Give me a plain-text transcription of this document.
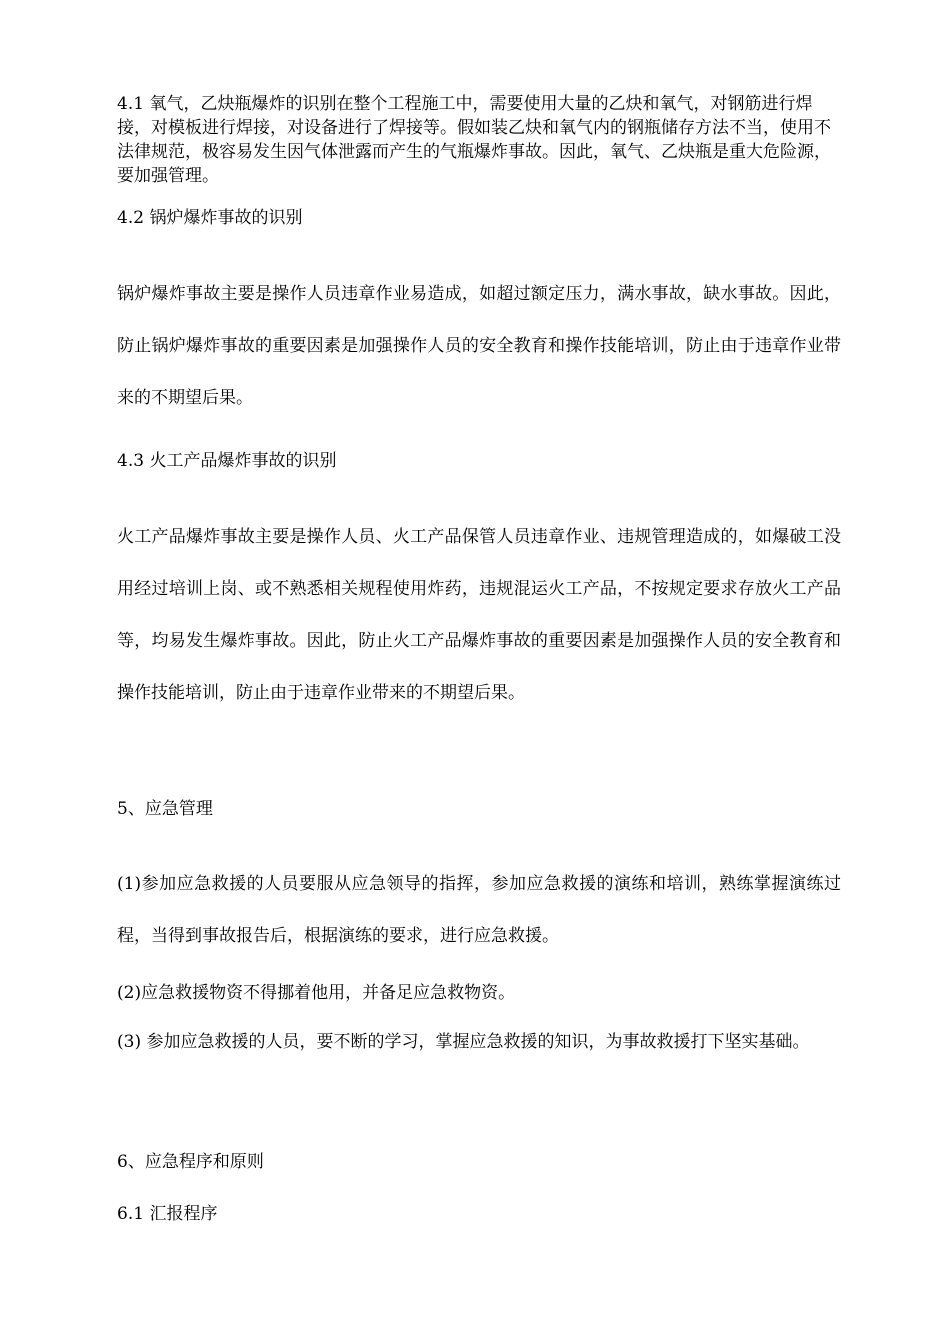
4.1 氧气，乙炔瓶爆炸的识别在整个工程施工中，需要使用大量的乙炔和氧气，对钢筋进行焊接，对模板进行焊接，对设备进行了焊接等。假如装乙炔和氧气内的钢瓶储存方法不当，使用不法律规范，极容易发生因气体泄露而产生的气瓶爆炸事故。因此，氧气、乙炔瓶是重大危险源，要加强管理。

4.2 锅炉爆炸事故的识别

锅炉爆炸事故主要是操作人员违章作业易造成，如超过额定压力，满水事故，缺水事故。因此，防止锅炉爆炸事故的重要因素是加强操作人员的安全教育和操作技能培训，防止由于违章作业带来的不期望后果。

4.3 火工产品爆炸事故的识别

火工产品爆炸事故主要是操作人员、火工产品保管人员违章作业、违规管理造成的，如爆破工没用经过培训上岗、或不熟悉相关规程使用炸药，违规混运火工产品，不按规定要求存放火工产品等，均易发生爆炸事故。因此，防止火工产品爆炸事故的重要因素是加强操作人员的安全教育和操作技能培训，防止由于违章作业带来的不期望后果。

5、应急管理

(1)参加应急救援的人员要服从应急领导的指挥，参加应急救援的演练和培训，熟练掌握演练过程，当得到事故报告后，根据演练的要求，进行应急救援。

(2)应急救援物资不得挪着他用，并备足应急救物资。

(3) 参加应急救援的人员，要不断的学习，掌握应急救援的知识，为事故救援打下坚实基础。

6、应急程序和原则

6.1 汇报程序
